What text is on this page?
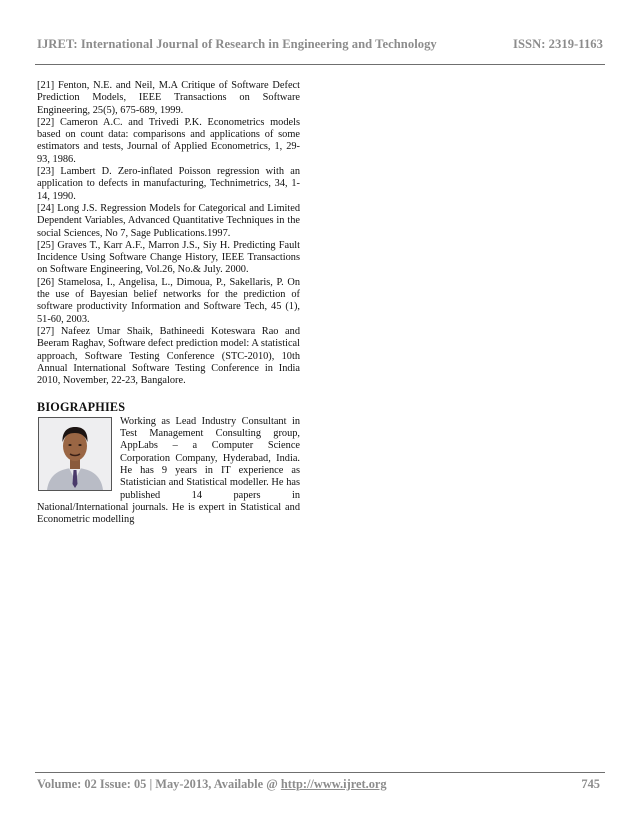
IJRET: International Journal of Research in Engineering and Technology	ISSN: 2319-1163

[21] Fenton, N.E. and Neil, M.A Critique of Software Defect Prediction Models, IEEE Transactions on Software Engineering, 25(5), 675-689, 1999.

[22] Cameron A.C. and Trivedi P.K. Econometrics models based on count data: comparisons and applications of some estimators and tests, Journal of Applied Econometrics, 1, 29-93, 1986.

[23] Lambert D. Zero-inflated Poisson regression with an application to defects in manufacturing, Technimetrics, 34, 1-14, 1990.

[24] Long J.S. Regression Models for Categorical and Limited Dependent Variables, Advanced Quantitative Techniques in the social Sciences, No 7, Sage Publications.1997.

[25] Graves T., Karr A.F., Marron J.S., Siy H. Predicting Fault Incidence Using Software Change History, IEEE Transactions on Software Engineering, Vol.26, No.& July. 2000.

[26] Stamelosa, I., Angelisa, L., Dimoua, P., Sakellaris, P. On the use of Bayesian belief networks for the prediction of software productivity Information and Software Tech, 45 (1), 51-60, 2003.

[27] Nafeez Umar Shaik, Bathineedi Koteswara Rao and Beeram Raghav, Software defect prediction model: A statistical approach, Software Testing Conference (STC-2010), 10th Annual International Software Testing Conference in India 2010, November, 22-23, Bangalore.

BIOGRAPHIES

Working as Lead Industry Consultant in Test Management Consulting group, AppLabs – a Computer Science Corporation Company, Hyderabad, India. He has 9 years in IT experience as Statistician and Statistical modeller. He has published 14 papers in National/International journals. He is expert in Statistical and Econometric modelling

Volume: 02 Issue: 05 | May-2013, Available @ http://www.ijret.org	745
